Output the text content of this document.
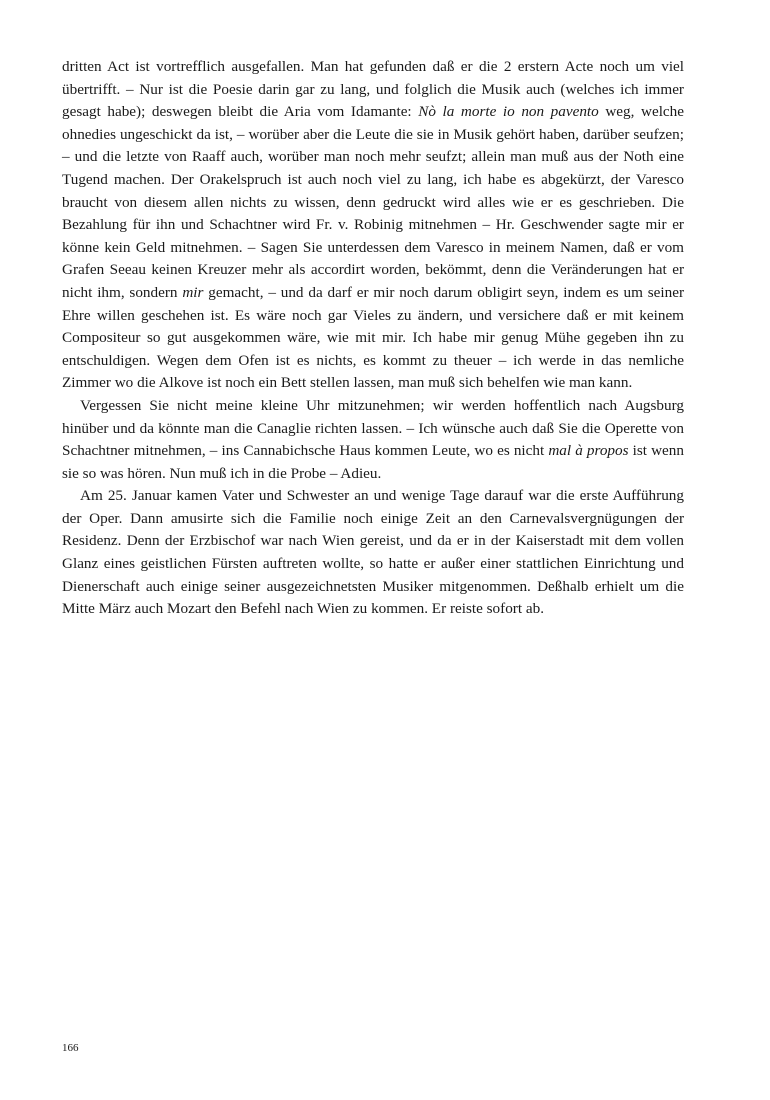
dritten Act ist vortrefflich ausgefallen. Man hat gefunden daß er die 2 erstern Acte noch um viel übertrifft. – Nur ist die Poesie darin gar zu lang, und folglich die Musik auch (welches ich immer gesagt habe); deswegen bleibt die Aria vom Idamante: Nò la morte io non pavento weg, welche ohnedies ungeschickt da ist, – worüber aber die Leute die sie in Musik gehört haben, darüber seufzen; – und die letzte von Raaff auch, worüber man noch mehr seufzt; allein man muß aus der Noth eine Tugend machen. Der Orakelspruch ist auch noch viel zu lang, ich habe es abgekürzt, der Varesco braucht von diesem allen nichts zu wissen, denn gedruckt wird alles wie er es geschrieben. Die Bezahlung für ihn und Schachtner wird Fr. v. Robinig mitnehmen – Hr. Geschwender sagte mir er könne kein Geld mitnehmen. – Sagen Sie unterdessen dem Varesco in meinem Namen, daß er vom Grafen Seeau keinen Kreuzer mehr als accordirt worden, bekömmt, denn die Veränderungen hat er nicht ihm, sondern mir gemacht, – und da darf er mir noch darum obligirt seyn, indem es um seiner Ehre willen geschehen ist. Es wäre noch gar Vieles zu ändern, und versichere daß er mit keinem Compositeur so gut ausgekommen wäre, wie mit mir. Ich habe mir genug Mühe gegeben ihn zu entschuldigen. Wegen dem Ofen ist es nichts, es kommt zu theuer – ich werde in das nemliche Zimmer wo die Alkove ist noch ein Bett stellen lassen, man muß sich behelfen wie man kann.

Vergessen Sie nicht meine kleine Uhr mitzunehmen; wir werden hoffentlich nach Augsburg hinüber und da könnte man die Canaglie richten lassen. – Ich wünsche auch daß Sie die Operette von Schachtner mitnehmen, – ins Cannabichsche Haus kommen Leute, wo es nicht mal à propos ist wenn sie so was hören. Nun muß ich in die Probe – Adieu.

Am 25. Januar kamen Vater und Schwester an und wenige Tage darauf war die erste Aufführung der Oper. Dann amusirte sich die Familie noch einige Zeit an den Carnevalsvergnügungen der Residenz. Denn der Erzbischof war nach Wien gereist, und da er in der Kaiserstadt mit dem vollen Glanz eines geistlichen Fürsten auftreten wollte, so hatte er außer einer stattlichen Einrichtung und Dienerschaft auch einige seiner ausgezeichnetsten Musiker mitgenommen. Deßhalb erhielt um die Mitte März auch Mozart den Befehl nach Wien zu kommen. Er reiste sofort ab.

166
